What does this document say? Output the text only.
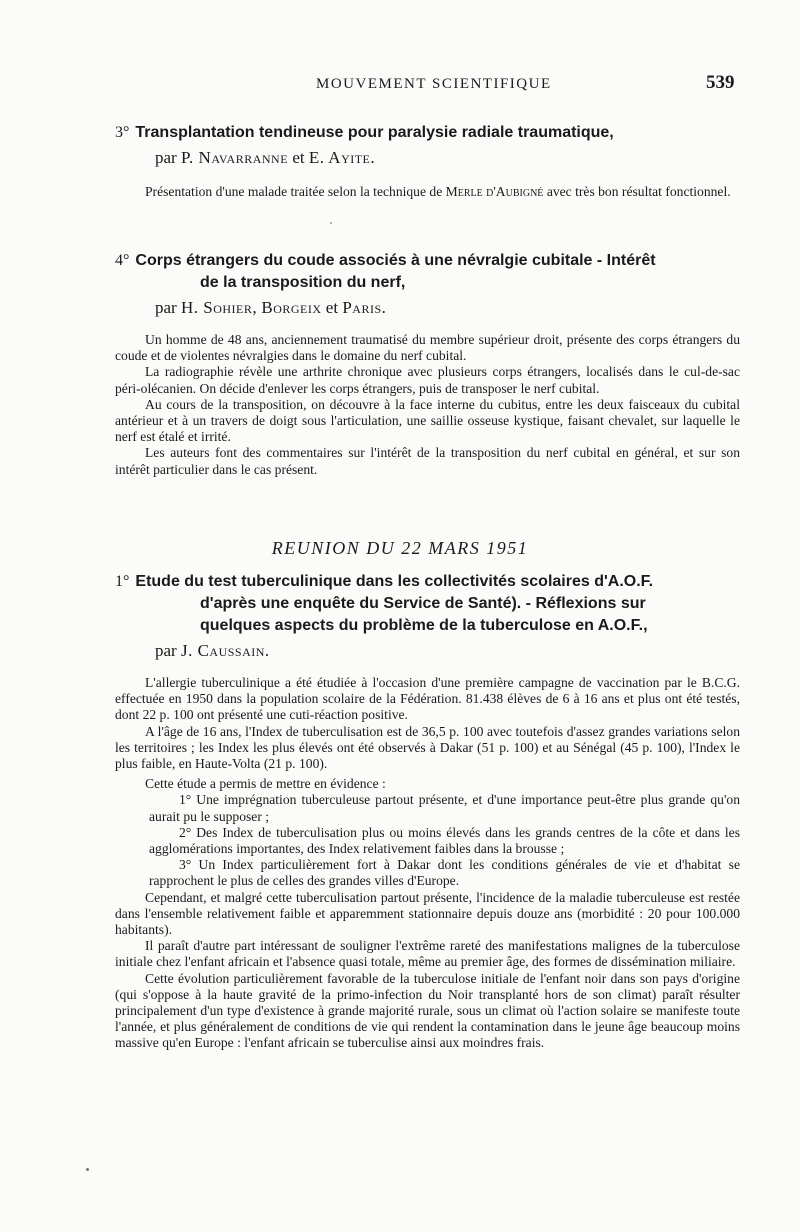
MOUVEMENT SCIENTIFIQUE	539
3° Transplantation tendineuse pour paralysie radiale traumatique,
par P. Navarranne et E. Ayite.

Présentation d'une malade traitée selon la technique de Merle d'Aubigné avec très bon résultat fonctionnel.

4° Corps étrangers du coude associés à une névralgie cubitale - Intérêt
de la transposition du nerf,
par H. Sohier, Borgeix et Paris.

Un homme de 48 ans, anciennement traumatisé du membre supérieur droit, présente des corps étrangers du coude et de violentes névralgies dans le domaine du nerf cubital.

La radiographie révèle une arthrite chronique avec plusieurs corps étrangers, localisés dans le cul-de-sac péri-olécanien. On décide d'enlever les corps étrangers, puis de transposer le nerf cubital.

Au cours de la transposition, on découvre à la face interne du cubitus, entre les deux faisceaux du cubital antérieur et à un travers de doigt sous l'articulation, une saillie osseuse kystique, faisant chevalet, sur laquelle le nerf est étalé et irrité.

Les auteurs font des commentaires sur l'intérêt de la transposition du nerf cubital en général, et sur son intérêt particulier dans le cas présent.

REUNION DU 22 MARS 1951
1° Etude du test tuberculinique dans les collectivités scolaires d'A.O.F.
d'après une enquête du Service de Santé). - Réflexions sur
quelques aspects du problème de la tuberculose en A.O.F.,
par J. Caussain.

L'allergie tuberculinique a été étudiée à l'occasion d'une première campagne de vaccination par le B.C.G. effectuée en 1950 dans la population scolaire de la Fédération. 81.438 élèves de 6 à 16 ans et plus ont été testés, dont 22 p. 100 ont présenté une cuti-réaction positive.

A l'âge de 16 ans, l'Index de tuberculisation est de 36,5 p. 100 avec toutefois d'assez grandes variations selon les territoires ; les Index les plus élevés ont été observés à Dakar (51 p. 100) et au Sénégal (45 p. 100), l'Index le plus faible, en Haute-Volta (21 p. 100).

Cette étude a permis de mettre en évidence :

1° Une imprégnation tuberculeuse partout présente, et d'une importance peut-être plus grande qu'on aurait pu le supposer ;

2° Des Index de tuberculisation plus ou moins élevés dans les grands centres de la côte et dans les agglomérations importantes, des Index relativement faibles dans la brousse ;

3° Un Index particulièrement fort à Dakar dont les conditions générales de vie et d'habitat se rapprochent le plus de celles des grandes villes d'Europe.

Cependant, et malgré cette tuberculisation partout présente, l'incidence de la maladie tuberculeuse est restée dans l'ensemble relativement faible et apparemment stationnaire depuis douze ans (morbidité : 20 pour 100.000 habitants).

Il paraît d'autre part intéressant de souligner l'extrême rareté des manifestations malignes de la tuberculose initiale chez l'enfant africain et l'absence quasi totale, même au premier âge, des formes de dissémination miliaire.

Cette évolution particulièrement favorable de la tuberculose initiale de l'enfant noir dans son pays d'origine (qui s'oppose à la haute gravité de la primo-infection du Noir transplanté hors de son climat) paraît résulter principalement d'un type d'existence à grande majorité rurale, sous un climat où l'action solaire se manifeste toute l'année, et plus généralement de conditions de vie qui rendent la contamination dans le jeune âge beaucoup moins massive qu'en Europe : l'enfant africain se tuberculise ainsi aux moindres frais.
